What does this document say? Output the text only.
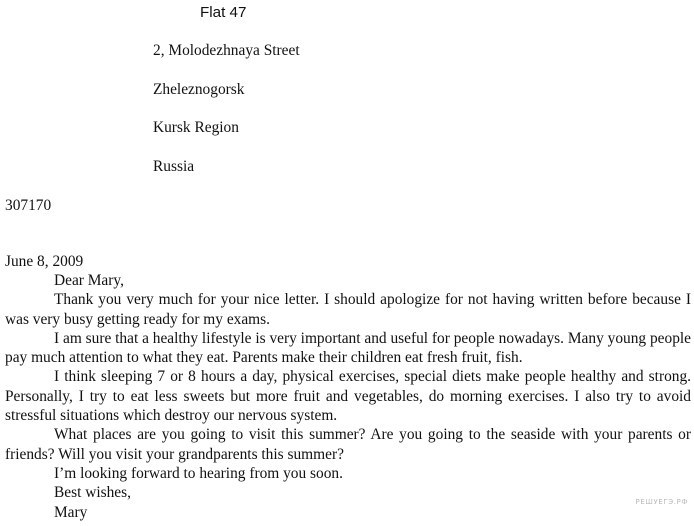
Flat 47
2, Molodezhnaya Street
Zheleznogorsk
Kursk Region
Russia
307170

June 8, 2009

Dear Mary,

Thank you very much for your nice letter. I should apologize for not having written before because I was very busy getting ready for my exams.

I am sure that a healthy lifestyle is very important and useful for people nowadays. Many young people pay much attention to what they eat. Parents make their children eat fresh fruit, fish.

I think sleeping 7 or 8 hours a day, physical exercises, special diets make people healthy and strong. Personally, I try to eat less sweets but more fruit and vegetables, do morning exercises. I also try to avoid stressful situations which destroy our nervous system.

What places are you going to visit this summer? Are you going to the seaside with your parents or friends? Will you visit your grandparents this summer?

I’m looking forward to hearing from you soon.

Best wishes,

Mary

РЕШУЕГЭ.РФ
